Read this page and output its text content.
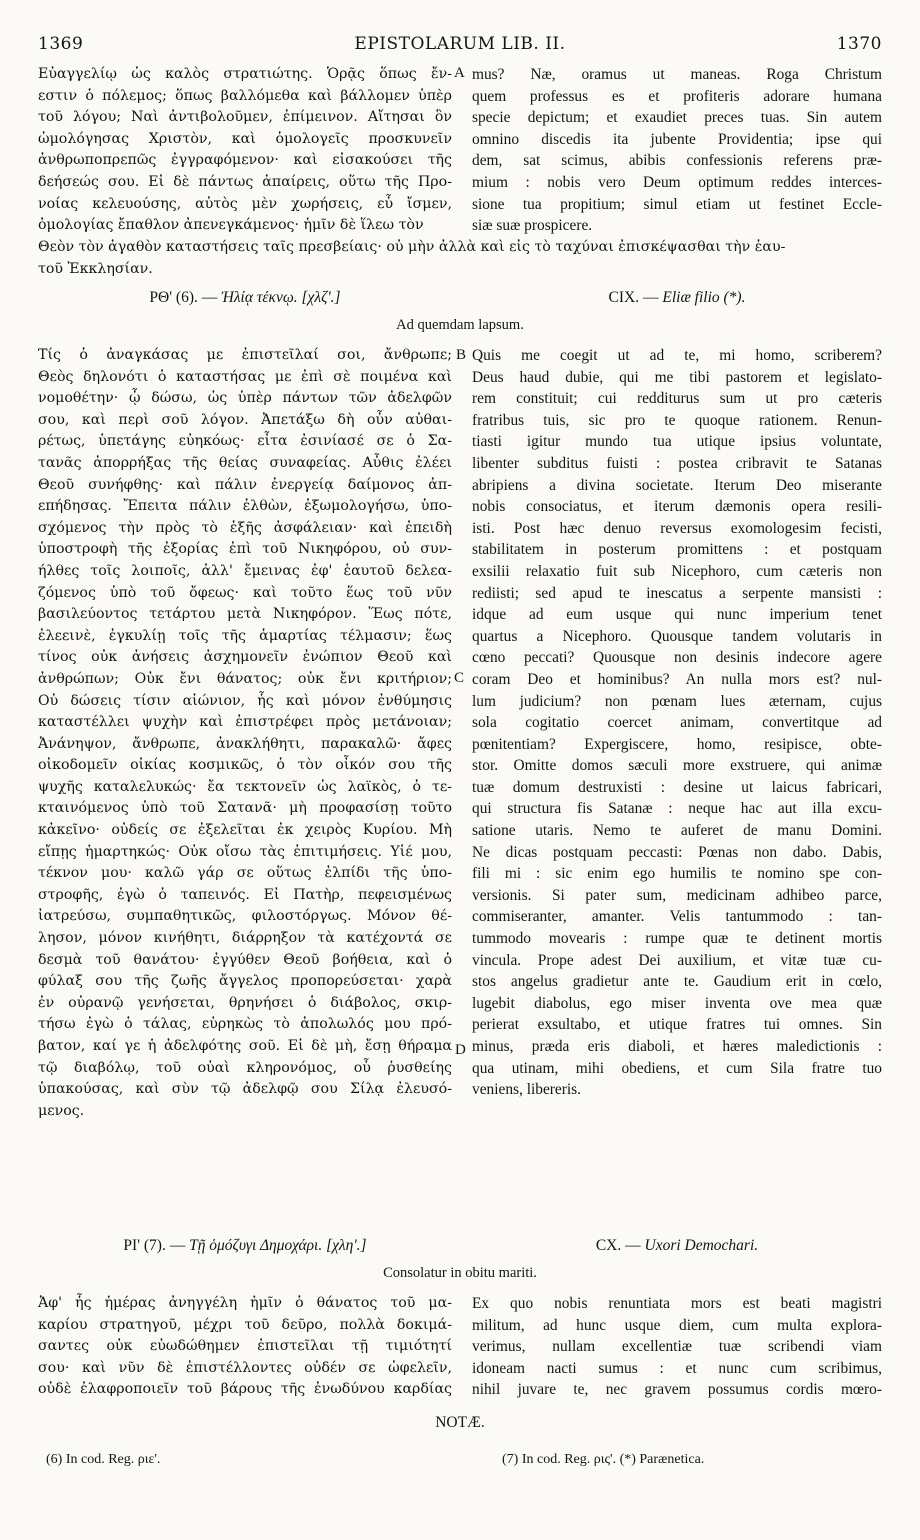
1369	EPISTOLARUM LIB. II.	1370
Εὐαγγελίῳ ὡς καλὸς στρατιώτης. Ὁρᾷς ὅπως ἔν-
εστιν ὁ πόλεμος; ὅπως βαλλόμεθα καὶ βάλλομεν ὑπὲρ
τοῦ λόγου; Ναὶ ἀντιβολοῦμεν, ἐπίμεινον. Αἴτησαι ὃν
ὡμολόγησας Χριστὸν, καὶ ὁμολογεῖς προσκυνεῖν
ἀνθρωποπρεπῶς ἐγγραφόμενον· καὶ εἰσακούσει τῆς
δεήσεώς σου. Εἰ δὲ πάντως ἀπαίρεις, οὕτω τῆς Προ-
νοίας κελευούσης, αὐτὸς μὲν χωρήσεις, εὖ ἴσμεν,
ὁμολογίας ἔπαθλον ἀπενεγκάμενος· ἡμῖν δὲ ἵλεω τὸν
mus? Næ, oramus ut maneas. Roga Christum
quem professus es et profiteris adorare humana
specie depictum; et exaudiet preces tuas. Sin autem
omnino discedis ita jubente Providentia; ipse qui
dem, sat scimus, abibis confessionis referens præ-
mium : nobis vero Deum optimum reddes interces-
sione tua propitium; simul etiam ut festinet Eccle-
siæ suæ prospicere.
A
Θεὸν τὸν ἀγαθὸν καταστήσεις ταῖς πρεσβείαις· οὐ μὴν ἀλλὰ καὶ εἰς τὸ ταχύναι ἐπισκέψασθαι τὴν ἑαυ-
τοῦ Ἐκκλησίαν.
ΡΘ' (6). — Ἠλίᾳ τέκνῳ. [χλζ'.]	CIX. — Eliæ filio (*).
Ad quemdam lapsum.
Τίς ὁ ἀναγκάσας με ἐπιστεῖλαί σοι, ἄνθρωπε;
Θεὸς δηλονότι ὁ καταστήσας με ἐπὶ σὲ ποιμένα καὶ
νομοθέτην· ᾧ δώσω, ὡς ὑπὲρ πάντων τῶν ἀδελφῶν
σου, καὶ περὶ σοῦ λόγον. Ἀπετάξω δὴ οὖν αὐθαι-
ρέτως, ὑπετάγης εὐηκόως· εἶτα ἐσινίασέ σε ὁ Σα-
τανᾶς ἀπορρήξας τῆς θείας συναφείας. Αὖθις ἐλέει
Θεοῦ συνήφθης· καὶ πάλιν ἐνεργείᾳ δαίμονος ἀπ-
επήδησας. Ἔπειτα πάλιν ἐλθὼν, ἐξωμολογήσω, ὑπο-
σχόμενος τὴν πρὸς τὸ ἑξῆς ἀσφάλειαν· καὶ ἐπειδὴ
ὑποστροφὴ τῆς ἐξορίας ἐπὶ τοῦ Νικηφόρου, οὐ συν-
ήλθες τοῖς λοιποῖς, ἀλλ' ἔμεινας ἐφ' ἑαυτοῦ δελεα-
ζόμενος ὑπὸ τοῦ ὄφεως· καὶ τοῦτο ἕως τοῦ νῦν
βασιλεύοντος τετάρτου μετὰ Νικηφόρον. Ἕως πότε,
ἐλεεινὲ, ἐγκυλίῃ τοῖς τῆς ἁμαρτίας τέλμασιν; ἕως
τίνος οὐκ ἀνήσεις ἀσχημονεῖν ἐνώπιον Θεοῦ καὶ
ἀνθρώπων; Οὐκ ἔνι θάνατος; οὐκ ἔνι κριτήριον;
Οὐ δώσεις τίσιν αἰώνιον, ἧς καὶ μόνον ἐνθύμησις
καταστέλλει ψυχὴν καὶ ἐπιστρέφει πρὸς μετάνοιαν;
Ἀνάνηψον, ἄνθρωπε, ἀνακλήθητι, παρακαλῶ· ἄφες
οἰκοδομεῖν οἰκίας κοσμικῶς, ὁ τὸν οἶκόν σου τῆς
ψυχῆς καταλελυκώς· ἔα τεκτονεῖν ὡς λαϊκὸς, ὁ τε-
κταινόμενος ὑπὸ τοῦ Σατανᾶ· μὴ προφασίσῃ τοῦτο
κἀκεῖνο· οὐδείς σε ἐξελεῖται ἐκ χειρὸς Κυρίου. Μὴ
εἴπῃς ἡμαρτηκώς· Οὐκ οἴσω τὰς ἐπιτιμήσεις. Υἱέ μου,
τέκνον μου· καλῶ γάρ σε οὕτως ἐλπίδι τῆς ὑπο-
στροφῆς, ἐγὼ ὁ ταπεινός. Εἰ Πατὴρ, πεφεισμένως
ἰατρεύσω, συμπαθητικῶς, φιλοστόργως. Μόνον θέ-
λησον, μόνον κινήθητι, διάρρηξον τὰ κατέχοντά σε
δεσμὰ τοῦ θανάτου· ἐγγύθεν Θεοῦ βοήθεια, καὶ ὁ
φύλαξ σου τῆς ζωῆς ἄγγελος προπορεύσεται· χαρὰ
ἐν οὐρανῷ γενήσεται, θρηνήσει ὁ διάβολος, σκιρ-
τήσω ἐγὼ ὁ τάλας, εὑρηκὼς τὸ ἀπολωλός μου πρό-
βατον, καί γε ἡ ἀδελφότης σοῦ. Εἰ δὲ μὴ, ἔσῃ θήραμα
τῷ διαβόλῳ, τοῦ οὐαὶ κληρονόμος, οὗ ῥυσθείης
ὑπακούσας, καὶ σὺν τῷ ἀδελφῷ σου Σίλᾳ ἐλευσό-
μενος.
Quis me coegit ut ad te, mi homo, scriberem?
Deus haud dubie, qui me tibi pastorem et legislato-
rem constituit; cui redditurus sum ut pro cæteris
fratribus tuis, sic pro te quoque rationem. Renun-
tiasti igitur mundo tua utique ipsius voluntate,
libenter subditus fuisti : postea cribravit te Satanas
abripiens a divina societate. Iterum Deo miserante
nobis consociatus, et iterum dæmonis opera resili-
isti. Post hæc denuo reversus exomologesim fecisti,
stabilitatem in posterum promittens : et postquam
exsilii relaxatio fuit sub Nicephoro, cum cæteris non
rediisti; sed apud te inescatus a serpente mansisti :
idque ad eum usque qui nunc imperium tenet
quartus a Nicephoro. Quousque tandem volutaris in
cœno peccati? Quousque non desinis indecore agere
coram Deo et hominibus? An nulla mors est? nul-
lum judicium? non pœnam lues æternam, cujus
sola cogitatio coercet animam, convertitque ad
pœnitentiam? Expergiscere, homo, resipisce, obte-
stor. Omitte domos sæculi more exstruere, qui animæ
tuæ domum destruxisti : desine ut laicus fabricari,
qui structura fis Satanæ : neque hac aut illa excu-
satione utaris. Nemo te auferet de manu Domini.
Ne dicas postquam peccasti: Pœnas non dabo. Dabis,
fili mi : sic enim ego humilis te nomino spe con-
versionis. Si pater sum, medicinam adhibeo parce,
commiseranter, amanter. Velis tantummodo : tan-
tummodo movearis : rumpe quæ te detinent mortis
vincula. Prope adest Dei auxilium, et vitæ tuæ cu-
stos angelus gradietur ante te. Gaudium erit in cœlo,
lugebit diabolus, ego miser inventa ove mea quæ
perierat exsultabo, et utique fratres tui omnes. Sin
minus, præda eris diaboli, et hæres maledictionis :
qua utinam, mihi obediens, et cum Sila fratre tuo
veniens, libereris.
B
C
D
ΡΙ' (7). — Τῇ ὁμόζυγι Δημοχάρι. [χλη'.]	CX. — Uxori Demochari.
Consolatur in obitu mariti.
Ἀφ' ἧς ἡμέρας ἀνηγγέλη ἡμῖν ὁ θάνατος τοῦ μα-
καρίου στρατηγοῦ, μέχρι τοῦ δεῦρο, πολλὰ δοκιμά-
σαντες οὐκ εὐωδώθημεν ἐπιστεῖλαι τῇ τιμιότητί
σου· καὶ νῦν δὲ ἐπιστέλλοντες οὐδέν σε ὠφελεῖν,
οὐδὲ ἐλαφροποιεῖν τοῦ βάρους τῆς ἐνωδύνου καρδίας
Ex quo nobis renuntiata mors est beati magistri
militum, ad hunc usque diem, cum multa explora-
verimus, nullam excellentiæ tuæ scribendi viam
idoneam nacti sumus : et nunc cum scribimus,
nihil juvare te, nec gravem possumus cordis mœro-
NOTÆ.
(6) In cod. Reg. ριε'.	(7) In cod. Reg. ρις'. (*) Parænetica.
